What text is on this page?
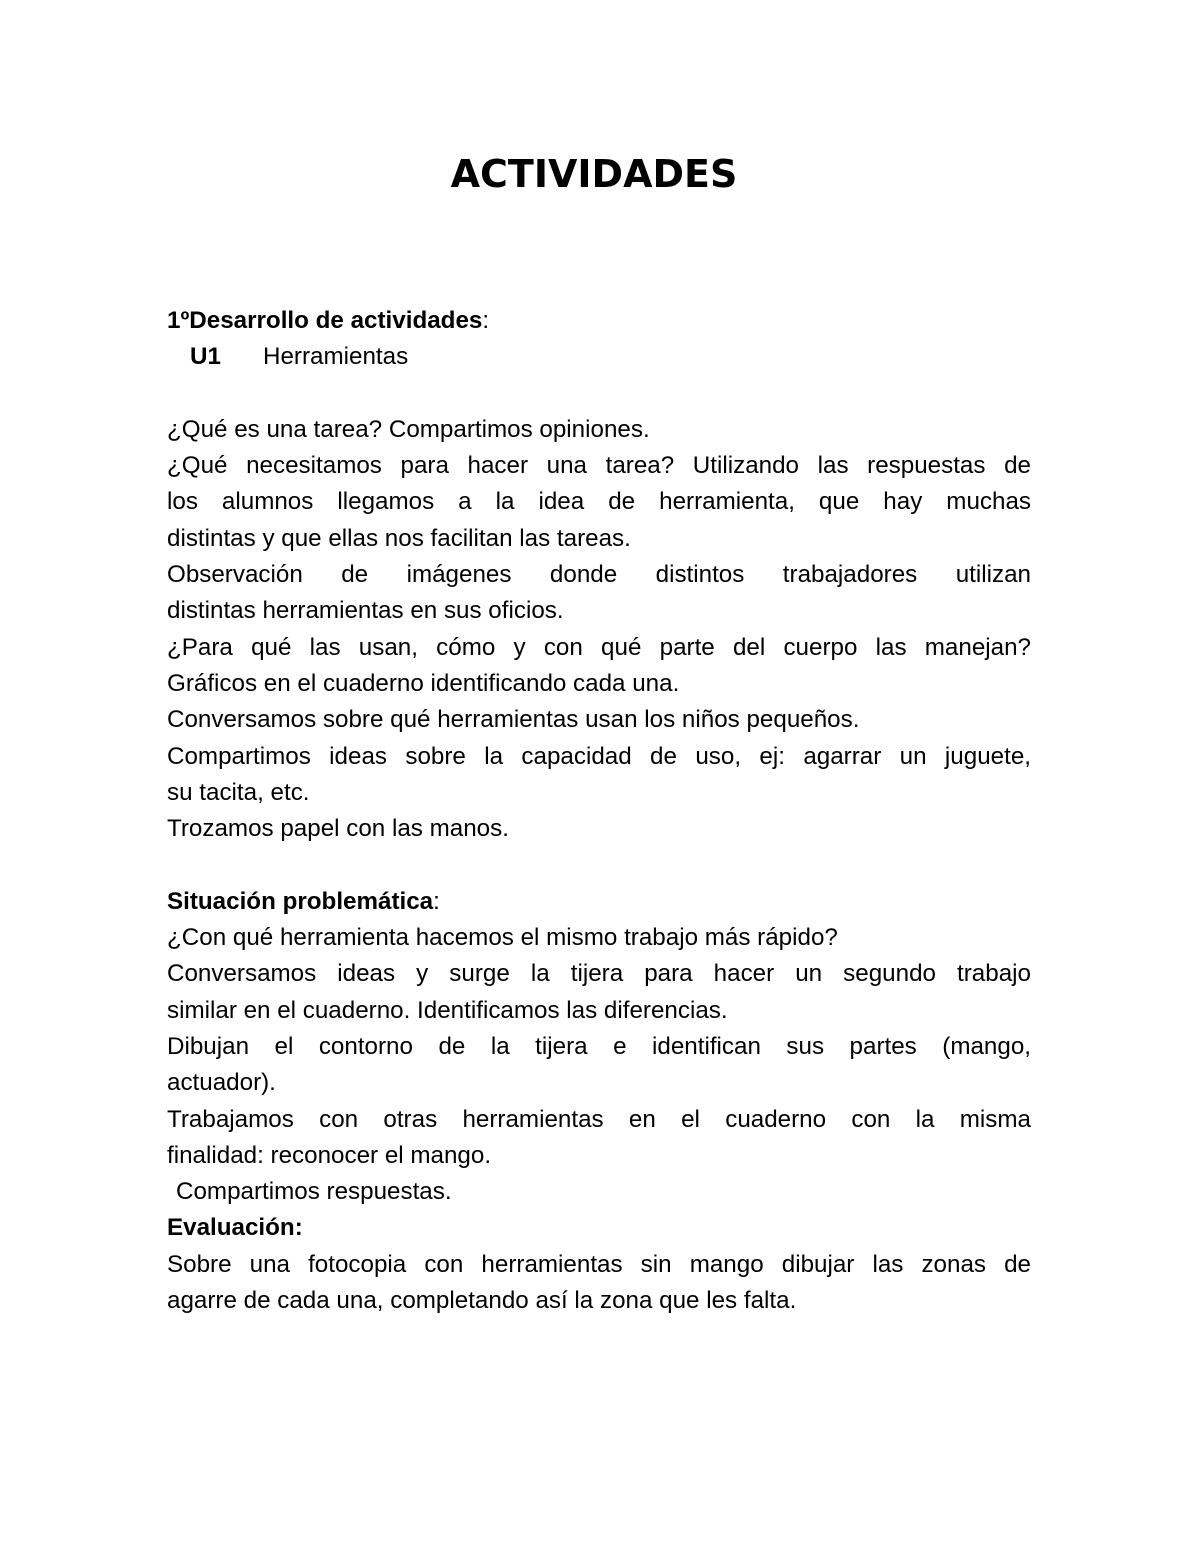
ACTIVIDADES

1ºDesarrollo de actividades:

U1 Herramientas

¿Qué es una tarea? Compartimos opiniones.

¿Qué necesitamos para hacer una tarea? Utilizando las respuestas de

los alumnos llegamos a la idea de herramienta, que hay muchas

distintas y que ellas nos facilitan las tareas.

Observación de imágenes donde distintos trabajadores utilizan

distintas herramientas en sus oficios.

¿Para qué las usan, cómo y con qué parte del cuerpo las manejan?

Gráficos en el cuaderno identificando cada una.

Conversamos sobre qué herramientas usan los niños pequeños.

Compartimos ideas sobre la capacidad de uso, ej: agarrar un juguete,

su tacita, etc.

Trozamos papel con las manos.

Situación problemática:

¿Con qué herramienta hacemos el mismo trabajo más rápido?

Conversamos ideas y surge la tijera para hacer un segundo trabajo

similar en el cuaderno. Identificamos las diferencias.

Dibujan el contorno de la tijera e identifican sus partes (mango,

actuador).

Trabajamos con otras herramientas en el cuaderno con la misma

finalidad: reconocer el mango.

Compartimos respuestas.

Evaluación:

Sobre una fotocopia con herramientas sin mango dibujar las zonas de

agarre de cada una, completando así la zona que les falta.
